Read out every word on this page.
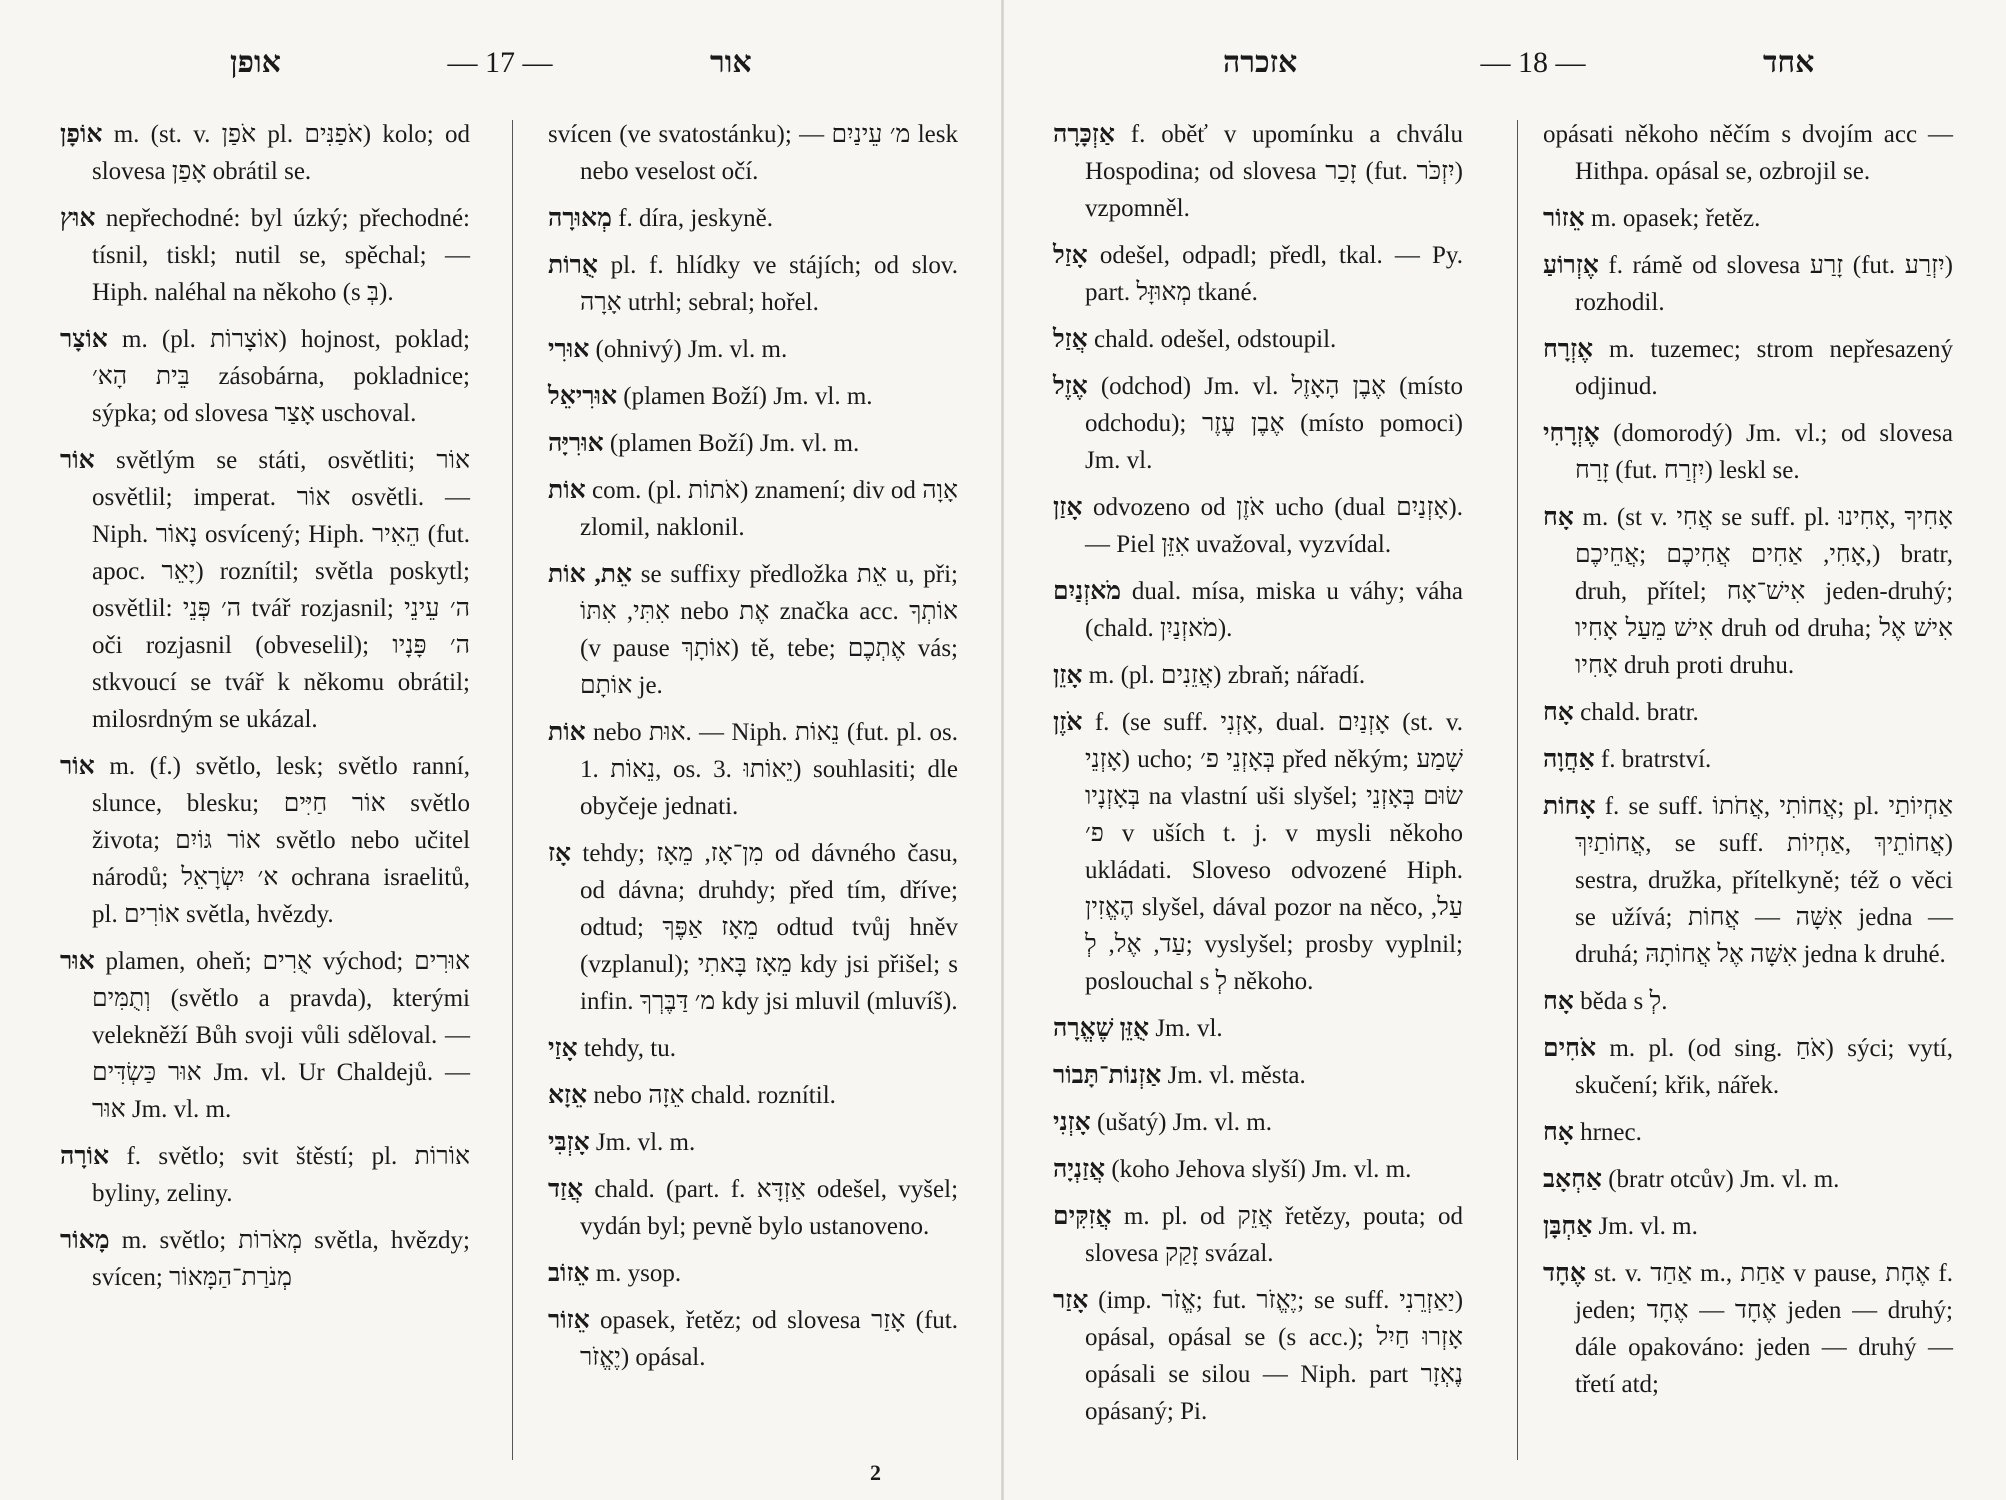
אופן	— 17 —	אור

אוֹפָן m. (st. v. אֹפַן pl. אֹפַנִּים) kolo; od slovesa אָפַן obrátil se.

אוּץ nepřechodné: byl úzký; přechodné: tísnil, tiskl; nutil se, spěchal; — Hiph. naléhal na někoho (s בְּ).

אוֹצָר m. (pl. אוֹצָרוֹת) hojnost, poklad; בֵּית הָא׳ zásobárna, pokladnice; sýpka; od slovesa אָצַר uschoval.

אוֹר světlým se státi, osvětliti; אוֹר osvětlil; imperat. אוֹר osvětli. — Niph. נָאוֹר osvícený; Hiph. הֵאִיר (fut. apoc. יָאֵר) roznítil; světla poskytl; osvětlil: ה׳ פְּנֵי tvář rozjasnil; ה׳ עֵינֵי oči rozjasnil (obveselil); ה׳ פָּנָיו stkvoucí se tvář k někomu obrátil; milosrdným se ukázal.

אוֹר m. (f.) světlo, lesk; světlo ranní, slunce, blesku; אוֹר חַיִּים světlo života; אוֹר גּוֹיִם světlo nebo učitel národů; א׳ יִשְׂרָאֵל ochrana israelitů, pl. אוֹרִים světla, hvězdy.

אוּר plamen, oheň; אֻרִים východ; אוּרִים וְתֻמִּים (světlo a pravda), kterými velekněží Bůh svoji vůli sděloval. — אוּר כַּשְׂדִּים Jm. vl. Ur Chaldejů. — אוּר Jm. vl. m.

אוֹרָה f. světlo; svit štěstí; pl. אוֹרוֹת byliny, zeliny.

מָאוֹר m. světlo; מְאֹרוֹת světla, hvězdy; svícen; מְנֹרַת־הַמָּאוֹר

svícen (ve svatostánku); — מ׳ עֵינַיִם lesk nebo veselost očí.

מְאוּרָה f. díra, jeskyně.

אֻרוֹת pl. f. hlídky ve stájích; od slov. אָרָה utrhl; sebral; hořel.

אוּרִי (ohnivý) Jm. vl. m.

אוּרִיאֵל (plamen Boží) Jm. vl. m.

אוּרִיָּה (plamen Boží) Jm. vl. m.

אוֹת com. (pl. אֹתוֹת) znamení; div od אָוָה zlomil, naklonil.

אֵת, אוֹת se suffixy předložka אֵת u, při; אִתִּי, אִתּוֹ nebo אֶת značka acc. אוֹתְךָ (v pause אוֹתָךְ) tě, tebe; אֶתְכֶם vás; אוֹתָם je.

אוֹת nebo אוּת. — Niph. נֵאוֹת (fut. pl. os. 1. נֵאוֹת, os. 3. יֵאוֹתוּ) souhlasiti; dle obyčeje jednati.

אָז tehdy; מִן־אָז, מֵאָז od dávného času, od dávna; druhdy; před tím, dříve; odtud; מֵאָז אַפֶּךָ odtud tvůj hněv (vzplanul); מֵאָז בָּאתִי kdy jsi přišel; s infin. מ׳ דַּבֶּרְךָ kdy jsi mluvil (mluvíš).

אָזַי tehdy, tu.

אֵזָא nebo אֵזָה chald. roznítil.

אָזְבִּי Jm. vl. m.

אֲזַד chald. (part. f. אַזְדָּא odešel, vyšel; vydán byl; pevně bylo ustanoveno.

אֵזוֹב m. ysop.

אֵזוֹר opasek, řetěz; od slovesa אָזַר (fut. יֶאֱזֹר) opásal.

2
אזכרה	— 18 —	אחד

אַזְכָּרָה f. oběť v upomínku a chválu Hospodina; od slovesa זָכַר (fut. יִזְכֹּר) vzpomněl.

אָזַל odešel, odpadl; předl, tkal. — Py. part. מְאוּזָּל tkané.

אֲזַל chald. odešel, odstoupil.

אֶזֶל (odchod) Jm. vl. אֶבֶן הָאָזֶל (místo odchodu); אֶבֶן עֶזֶר (místo pomoci) Jm. vl.

אָזַן odvozeno od אֹזֶן ucho (dual אָזְנַיִם). — Piel אִזֵּן uvažoval, vyzvídal.

מֹאזְנַיִם dual. mísa, miska u váhy; váha (chald. מֹאזְנַיִן).

אָזֵן m. (pl. אֲזֵנִים) zbraň; nářadí.

אֹזֶן f. (se suff. אָזְנִי, dual. אָזְנַיִם (st. v. אָזְנֵי) ucho; בְּאָזְנֵי פ׳ před někým; שָׁמַע בְּאָזְנָיו na vlastní uši slyšel; שׂוּם בְּאָזְנֵי פ׳ v uších t. j. v mysli někoho ukládati. Sloveso odvozené Hiph. הֶאֱזִין slyšel, dával pozor na něco, עַל, עַד, אֶל, לְ; vyslyšel; prosby vyplnil; poslouchal s לְ někoho.

אֻזֵּן שֶׁאֱרָה Jm. vl.

אַזְנוֹת־תָּבוֹר Jm. vl. města.

אָזְנִי (ušatý) Jm. vl. m.

אֲזַנְיָה (koho Jehova slyší) Jm. vl. m.

אֲזִקִּים m. pl. od אֲזֵק řetězy, pouta; od slovesa זָקַק svázal.

אָזַר (imp. אֱזֹר; fut. יֶאֱזֹר; se suff. יַאַזְרֵנִי) opásal, opásal se (s acc.); אָזְרוּ חַיִל opásali se silou — Niph. part נֶאְזָר opásaný; Pi.

opásati někoho něčím s dvojím acc — Hithpa. opásal se, ozbrojil se.

אֵזוֹר m. opasek; řetěz.

אֶזְרוֹעַ f. rámě od slovesa זָרַע (fut. יִזְרַע) rozhodil.

אֶזְרָח m. tuzemec; strom nepřesazený odjinud.

אֶזְרָחִי (domorodý) Jm. vl.; od slovesa זָרַח (fut. יִזְרַח) leskl se.

אָח m. (st v. אֲחִי se suff. pl. אָחִיךָ ,אָחִינוּ ,אָחִי, אַחִים אֲחִיכֶם ;אֲחֵיכֶם) bratr, druh, přítel; אִישׁ־אָח jeden-druhý; אִישׁ מֵעַל אָחִיו druh od druha; אִישׁ אֶל אָחִיו druh proti druhu.

אָח chald. bratr.

אַחֲוָה f. bratrství.

אָחוֹת f. se suff. אֲחוֹתִי ,אֲחֹתוֹ; pl. אַחְיוֹתַי ,אֲחוֹתַיִךְ se suff. אֲחוֹתֵיךְ ,אַחְיוֹת) sestra, družka, přítelkyně; též o věci se užívá; אִשָּׁה — אֲחוֹת jedna — druhá; אִשָּׁה אֶל אֲחוֹתָהּ jedna k druhé.

אָח běda s לְ.

אֹחִים m. pl. (od sing. אֹחַ) sýci; vytí, skučení; křik, nářek.

אָח hrnec.

אַחְאָב (bratr otcův) Jm. vl. m.

אַחְבָּן Jm. vl. m.

אֶחָד st. v. אַחַד m., אַחַת v pause, אֶחָת f. jeden; אֶחָד — אֶחָד jeden — druhý; dále opakováno: jeden — druhý — třetí atd;
